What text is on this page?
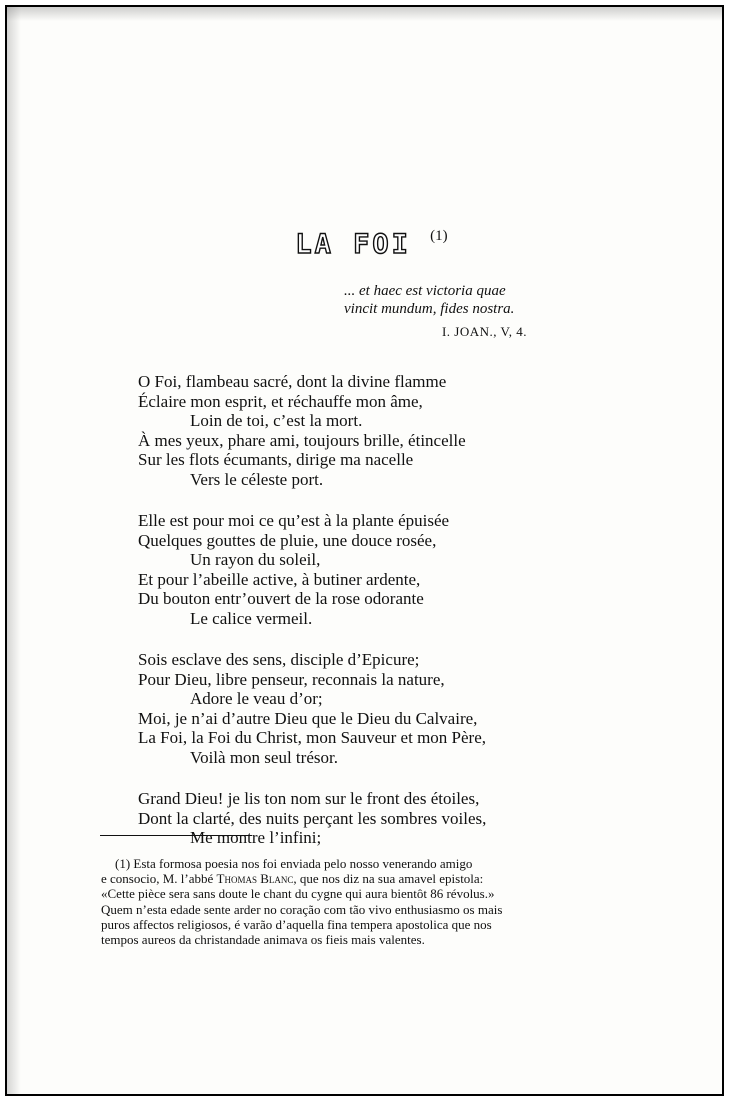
LA FOI $^{(1)}$
... et haec est victoria quae
vincit mundum, fides nostra.
I. JOAN., V, 4.
O Foi, flambeau sacré, dont la divine flamme
Éclaire mon esprit, et réchauffe mon âme,
Loin de toi, c’est la mort.
À mes yeux, phare ami, toujours brille, étincelle
Sur les flots écumants, dirige ma nacelle
Vers le céleste port.
Elle est pour moi ce qu’est à la plante épuisée
Quelques gouttes de pluie, une douce rosée,
Un rayon du soleil,
Et pour l’abeille active, à butiner ardente,
Du bouton entr’ouvert de la rose odorante
Le calice vermeil.
Sois esclave des sens, disciple d’Epicure;
Pour Dieu, libre penseur, reconnais la nature,
Adore le veau d’or;
Moi, je n’ai d’autre Dieu que le Dieu du Calvaire,
La Foi, la Foi du Christ, mon Sauveur et mon Père,
Voilà mon seul trésor.
Grand Dieu! je lis ton nom sur le front des étoiles,
Dont la clarté, des nuits perçant les sombres voiles,
Me montre l’infini;
(1) Esta formosa poesia nos foi enviada pelo nosso venerando amigo
e consocio, M. l’abbé Thomas Blanc, que nos diz na sua amavel epistola:
«Cette pièce sera sans doute le chant du cygne qui aura bientôt 86 révolus.»
Quem n’esta edade sente arder no coração com tão vivo enthusiasmo os mais
puros affectos religiosos, é varão d’aquella fina tempera apostolica que nos
tempos aureos da christandade animava os fieis mais valentes.
